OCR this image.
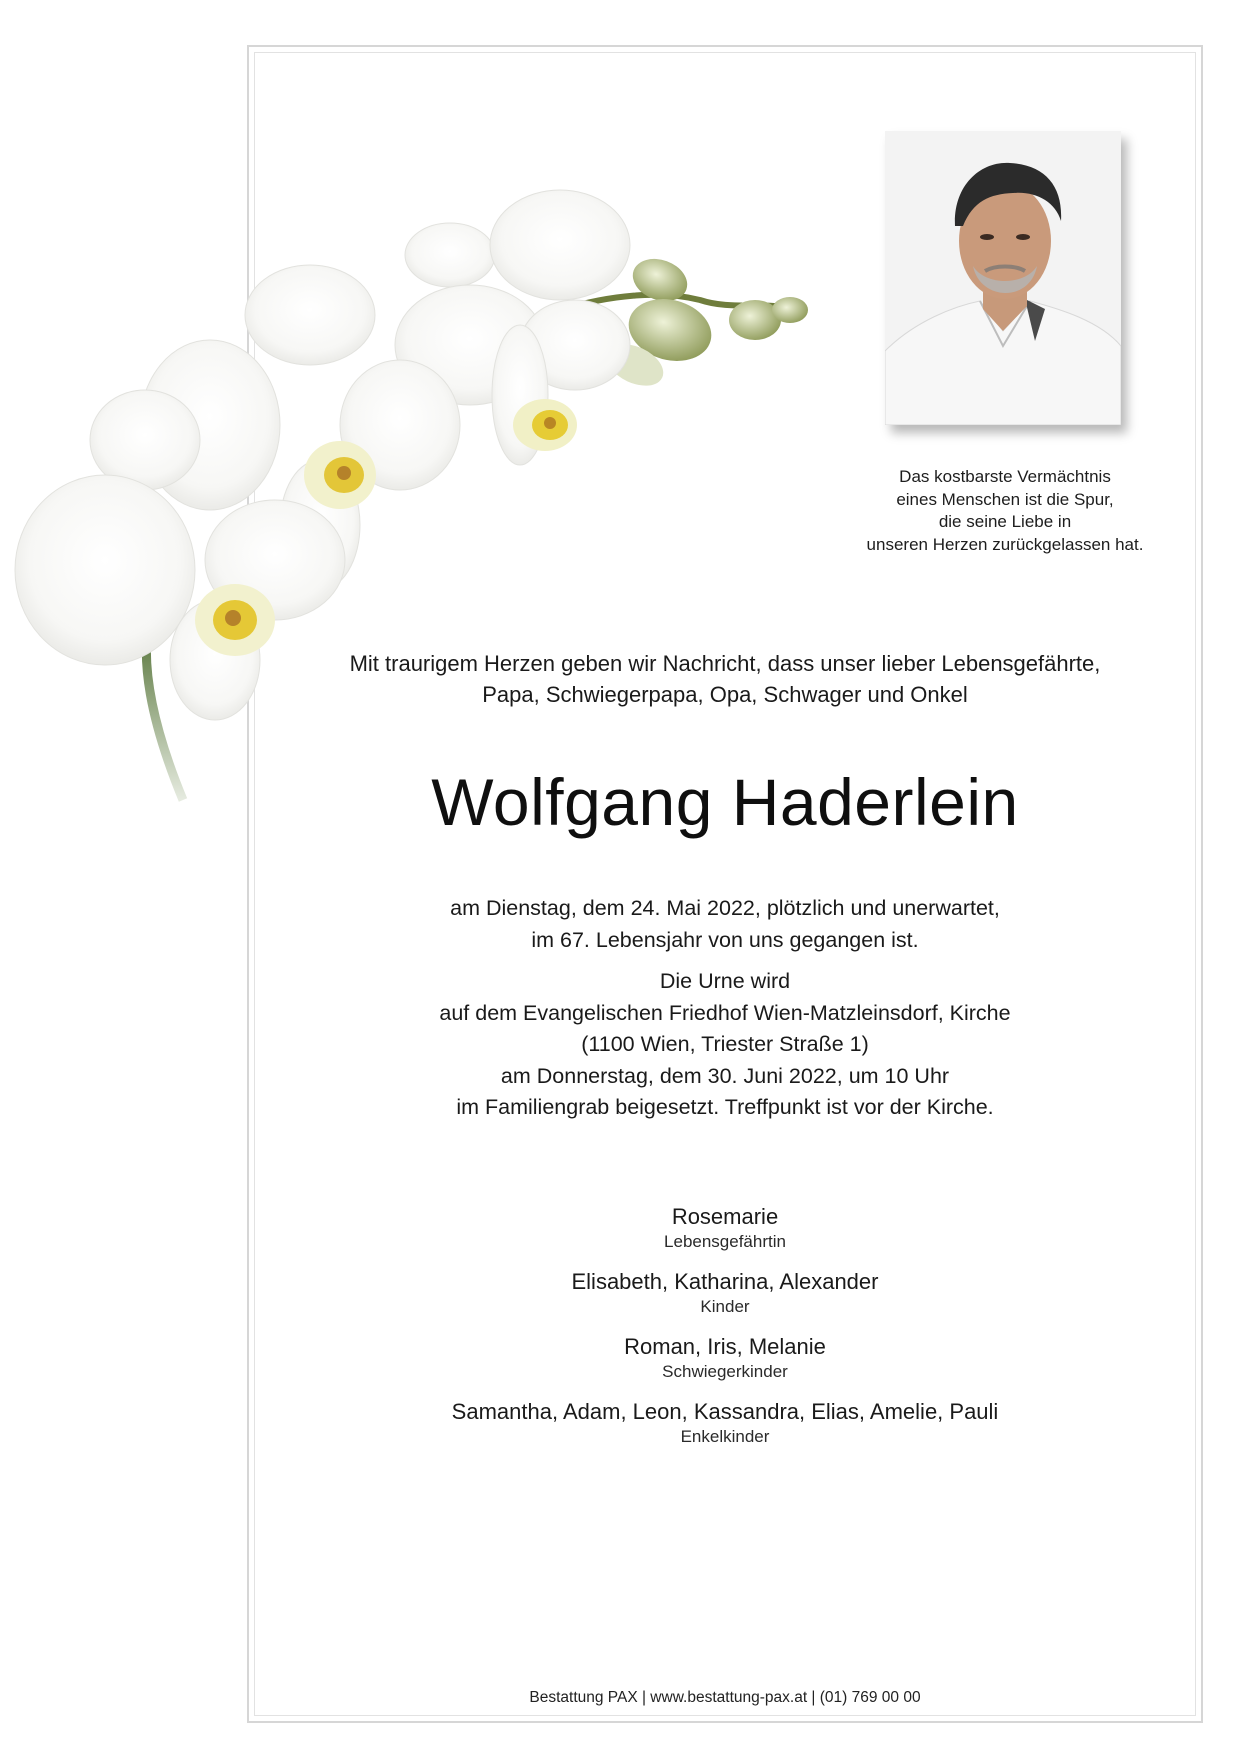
Das kostbarste Vermächtnis
eines Menschen ist die Spur,
die seine Liebe in
unseren Herzen zurückgelassen hat.
Mit traurigem Herzen geben wir Nachricht, dass unser lieber Lebensgefährte,
Papa, Schwiegerpapa, Opa, Schwager und Onkel
Wolfgang Haderlein
am Dienstag, dem 24. Mai 2022, plötzlich und unerwartet,
im 67. Lebensjahr von uns gegangen ist.
Die Urne wird
auf dem Evangelischen Friedhof Wien-Matzleinsdorf, Kirche
(1100 Wien, Triester Straße 1)
am Donnerstag, dem 30. Juni 2022, um 10 Uhr
im Familiengrab beigesetzt. Treffpunkt ist vor der Kirche.
Rosemarie
Lebensgefährtin
Elisabeth, Katharina, Alexander
Kinder
Roman, Iris, Melanie
Schwiegerkinder
Samantha, Adam, Leon, Kassandra, Elias, Amelie, Pauli
Enkelkinder
Bestattung PAX | www.bestattung-pax.at | (01) 769 00 00
